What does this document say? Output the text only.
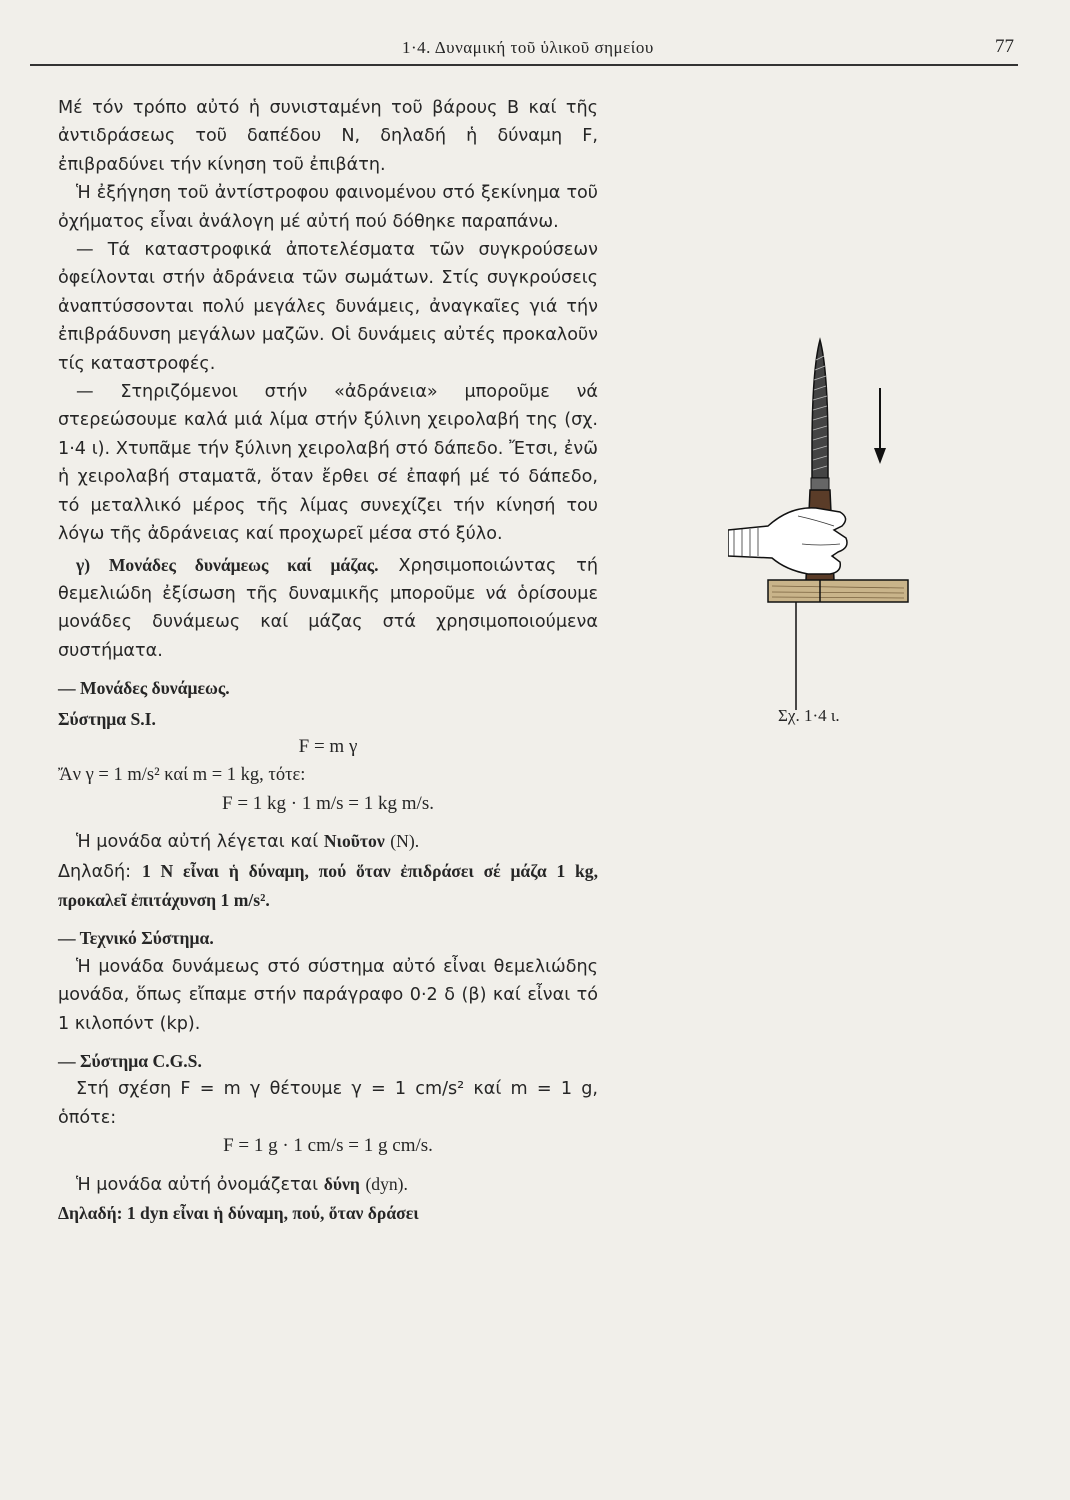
1·4. Δυναμική τοῦ ὑλικοῦ σημείου	77

Μέ τόν τρόπο αὐτό ἡ συνισταμένη τοῦ βάρους B καί τῆς ἀντιδράσεως τοῦ δαπέδου N, δηλαδή ἡ δύναμη F, ἐπιβραδύνει τήν κίνηση τοῦ ἐπιβάτη.

Ἡ ἐξήγηση τοῦ ἀντίστροφου φαινομένου στό ξεκίνημα τοῦ ὀχήματος εἶναι ἀνάλογη μέ αὐτή πού δόθηκε παραπάνω.

— Τά καταστροφικά ἀποτελέσματα τῶν συγκρούσεων ὀφείλονται στήν ἀδράνεια τῶν σωμάτων. Στίς συγκρούσεις ἀναπτύσσονται πολύ μεγάλες δυνάμεις, ἀναγκαῖες γιά τήν ἐπιβράδυνση μεγάλων μαζῶν. Οἱ δυνάμεις αὐτές προκαλοῦν τίς καταστροφές.

— Στηριζόμενοι στήν «ἀδράνεια» μποροῦμε νά στερεώσουμε καλά μιά λίμα στήν ξύλινη χειρολαβή της (σχ. 1·4 ι). Χτυπᾶμε τήν ξύλινη χειρολαβή στό δάπεδο. Ἔτσι, ἐνῶ ἡ χειρολαβή σταματᾶ, ὅταν ἔρθει σέ ἐπαφή μέ τό δάπεδο, τό μεταλλικό μέρος τῆς λίμας συνεχίζει τήν κίνησή του λόγω τῆς ἀδράνειας καί προχωρεῖ μέσα στό ξύλο.

γ) Μονάδες δυνάμεως καί μάζας. Χρησιμοποιώντας τή θεμελιώδη ἐξίσωση τῆς δυναμικῆς μποροῦμε νά ὁρίσουμε μονάδες δυνάμεως καί μάζας στά χρησιμοποιούμενα συστήματα.

— Μονάδες δυνάμεως.

Σύστημα S.I.

F = m γ

Ἄν γ = 1 m/s² καί m = 1 kg, τότε:

F = 1 kg · 1 m/s = 1 kg m/s.

Ἡ μονάδα αὐτή λέγεται καί Νιοῦτον (N).

Δηλαδή: 1 N εἶναι ἡ δύναμη, πού ὅταν ἐπιδράσει σέ μάζα 1 kg, προκαλεῖ ἐπιτάχυνση 1 m/s².

— Τεχνικό Σύστημα.

Ἡ μονάδα δυνάμεως στό σύστημα αὐτό εἶναι θεμελιώδης μονάδα, ὅπως εἴπαμε στήν παράγραφο 0·2 δ (β) καί εἶναι τό 1 κιλοπόντ (kp).

— Σύστημα C.G.S.

Στή σχέση F = m γ θέτουμε γ = 1 cm/s² καί m = 1 g, ὁπότε:

F = 1 g · 1 cm/s = 1 g cm/s.

Ἡ μονάδα αὐτή ὀνομάζεται δύνη (dyn).

Δηλαδή: 1 dyn εἶναι ἡ δύναμη, πού, ὅταν δράσει

Σχ. 1·4 ι.
